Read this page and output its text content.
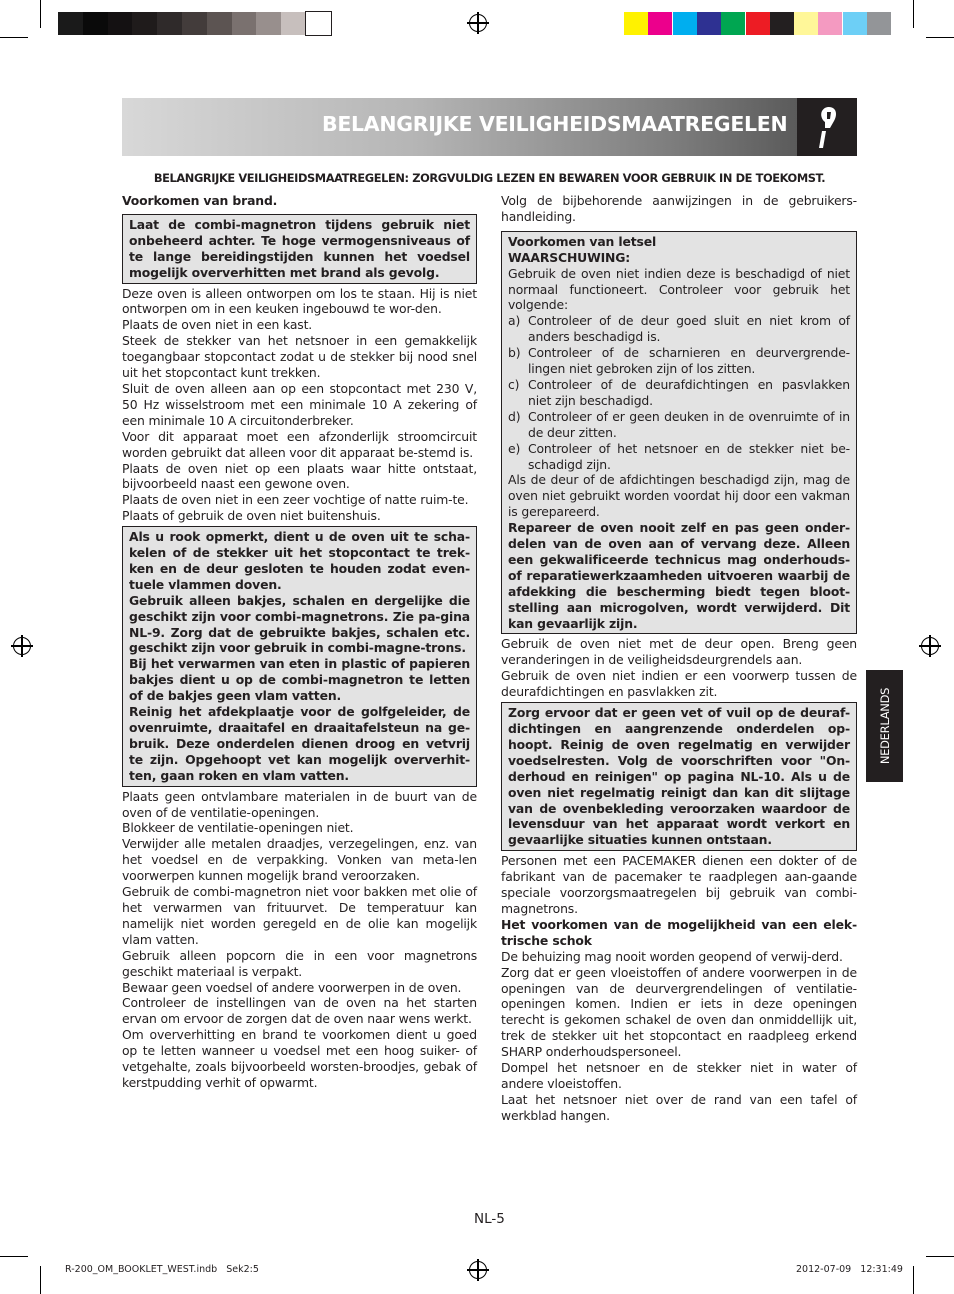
BELANGRIJKE VEILIGHEIDSMAATREGELEN
BELANGRIJKE VEILIGHEIDSMAATREGELEN: ZORGVULDIG LEZEN EN BEWAREN VOOR GEBRUIK IN DE TOEKOMST.

Voorkomen van brand.

Laat de combi-magnetron tijdens gebruik niet onbeheerd achter. Te hoge vermogensniveaus of te lange bereidingstijden kunnen het voedsel mogelijk oververhitten met brand als gevolg.

Deze oven is alleen ontworpen om los te staan. Hij is niet ontworpen om in een keuken ingebouwd te wor-den.

Plaats de oven niet in een kast.

Steek de stekker van het netsnoer in een gemakkelijk toegangbaar stopcontact zodat u de stekker bij nood snel uit het stopcontact kunt trekken.

Sluit de oven alleen aan op een stopcontact met 230 V, 50 Hz wisselstroom met een minimale 10 A zekering of een minimale 10 A circuitonderbreker.

Voor dit apparaat moet een afzonderlijk stroomcircuit worden gebruikt dat alleen voor dit apparaat be-stemd is.

Plaats de oven niet op een plaats waar hitte ontstaat, bijvoorbeeld naast een gewone oven.

Plaats de oven niet in een zeer vochtige of natte ruim-te.

Plaats of gebruik de oven niet buitenshuis.

Als u rook opmerkt, dient u de oven uit te scha-kelen of de stekker uit het stopcontact te trek-ken en de deur gesloten te houden zodat even-tuele vlammen doven.

Gebruik alleen bakjes, schalen en dergelijke die geschikt zijn voor combi-magnetrons. Zie pa-gina NL-9. Zorg dat de gebruikte bakjes, schalen etc. geschikt zijn voor gebruik in combi-magne-trons.

Bij het verwarmen van eten in plastic of papieren bakjes dient u op de combi-magnetron te letten of de bakjes geen vlam vatten.

Reinig het afdekplaatje voor de golfgeleider, de ovenruimte, draaitafel en draaitafelsteun na ge-bruik. Deze onderdelen dienen droog en vetvrij te zijn. Opgehoopt vet kan mogelijk oververhit-ten, gaan roken en vlam vatten.

Plaats geen ontvlambare materialen in de buurt van de oven of de ventilatie-openingen.

Blokkeer de ventilatie-openingen niet.

Verwijder alle metalen draadjes, verzegelingen, enz. van het voedsel en de verpakking. Vonken van meta-len voorwerpen kunnen mogelijk brand veroorzaken.

Gebruik de combi-magnetron niet voor bakken met olie of het verwarmen van frituurvet. De temperatuur kan namelijk niet worden geregeld en de olie kan mogelijk vlam vatten.

Gebruik alleen popcorn die in een voor magnetrons geschikt materiaal is verpakt.

Bewaar geen voedsel of andere voorwerpen in de oven.

Controleer de instellingen van de oven na het starten ervan om ervoor de zorgen dat de oven naar wens werkt.

Om oververhitting en brand te voorkomen dient u goed op te letten wanneer u voedsel met een hoog suiker- of vetgehalte, zoals bijvoorbeeld worsten-broodjes, gebak of kerstpudding verhit of opwarmt.

Volg de bijbehorende aanwijzingen in de gebruikers-handleiding.

Voorkomen van letsel

WAARSCHUWING:

Gebruik de oven niet indien deze is beschadigd of niet normaal functioneert. Controleer voor gebruik het volgende:

a) Controleer of de deur goed sluit en niet krom of anders beschadigd is.
b) Controleer of de scharnieren en deurvergrende-lingen niet gebroken zijn of los zitten.
c) Controleer of de deurafdichtingen en pasvlakken niet zijn beschadigd.
d) Controleer of er geen deuken in de ovenruimte of in de deur zitten.
e) Controleer of het netsnoer en de stekker niet be-schadigd zijn.

Als de deur of de afdichtingen beschadigd zijn, mag de oven niet gebruikt worden voordat hij door een vakman is gerepareerd.

Repareer de oven nooit zelf en pas geen onder-delen van de oven aan of vervang deze. Alleen een gekwalificeerde technicus mag onderhouds-of reparatiewerkzaamheden uitvoeren waarbij de afdekking die bescherming biedt tegen bloot-stelling aan microgolven, wordt verwijderd. Dit kan gevaarlijk zijn.

Gebruik de oven niet met de deur open. Breng geen veranderingen in de veiligheidsdeurgrendels aan.

Gebruik de oven niet indien er een voorwerp tussen de deurafdichtingen en pasvlakken zit.

Zorg ervoor dat er geen vet of vuil op de deuraf-dichtingen en aangrenzende onderdelen op-hoopt. Reinig de oven regelmatig en verwijder voedselresten. Volg de voorschriften voor "On-derhoud en reinigen" op pagina NL-10. Als u de oven niet regelmatig reinigt dan kan dit slijtage van de ovenbekleding veroorzaken waardoor de levensduur van het apparaat wordt verkort en gevaarlijke situaties kunnen ontstaan.

Personen met een PACEMAKER dienen een dokter of de fabrikant van de pacemaker te raadplegen aan-gaande speciale voorzorgsmaatregelen bij gebruik van combi-magnetrons.

Het voorkomen van de mogelijkheid van een elek-trische schok

De behuizing mag nooit worden geopend of verwij-derd.

Zorg dat er geen vloeistoffen of andere voorwerpen in de openingen van de deurvergrendelingen of ventilatie-openingen komen. Indien er iets in deze openingen terecht is gekomen schakel de oven dan onmiddellijk uit, trek de stekker uit het stopcontact en raadpleeg erkend SHARP onderhoudspersoneel.

Dompel het netsnoer en de stekker niet in water of andere vloeistoffen.

Laat het netsnoer niet over de rand van een tafel of werkblad hangen.

NEDERLANDS
NL-5
R-200_OM_BOOKLET_WEST.indb   Sek2:5	2012-07-09   12:31:49
